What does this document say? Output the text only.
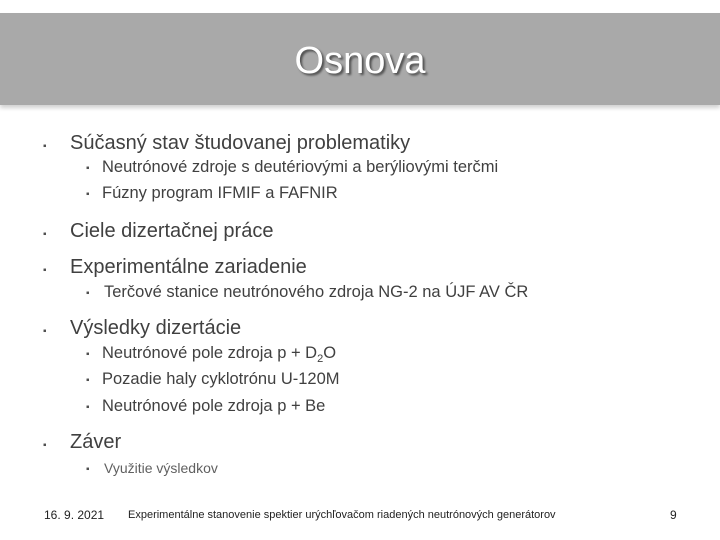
Osnova
▪ Súčasný stav študovanej problematiky
▪ Neutrónové zdroje s deutériovými a berýliovými terčmi
▪ Fúzny program IFMIF a FAFNIR
▪ Ciele dizertačnej práce
▪ Experimentálne zariadenie
▪ Terčové stanice neutrónového zdroja NG-2 na ÚJF AV ČR
▪ Výsledky dizertácie
▪ Neutrónové pole zdroja $p + D_2O$
▪ Pozadie haly cyklotrónu U-120M
▪ Neutrónové pole zdroja p + Be
▪ Záver
▪ Využitie výsledkov
16. 9. 2021 Experimentálne stanovenie spektier urýchľovačom riadených neutrónových generátorov	9
